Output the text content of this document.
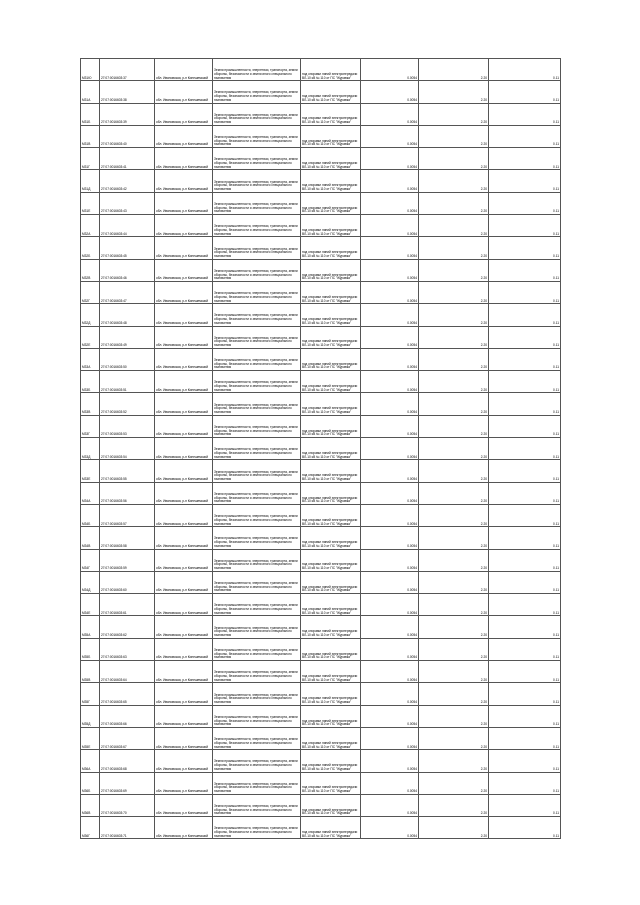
М31Ю	27:07:0016603:37	обл. Ивановская, р-н Кинешемский	Земли промышленности, энергетики, транспорта, земли обороны, безопасности и земли иного специального назначения	под опорами линий электропередачи ВЛ-10 кВ № 110 от ПС "Журавка"	0.0054	2.20	0.11
М31А	27:07:0016603:38	обл. Ивановская, р-н Кинешемский	Земли промышленности, энергетики, транспорта, земли обороны, безопасности и земли иного специального назначения	под опорами линий электропередачи ВЛ-10 кВ № 110 от ПС "Журавка"	0.0054	2.20	0.11
М31Б	27:07:0016603:39	обл. Ивановская, р-н Кинешемский	Земли промышленности, энергетики, транспорта, земли обороны, безопасности и земли иного специального назначения	под опорами линий электропередачи ВЛ-10 кВ № 110 от ПС "Журавка"	0.0054	2.20	0.11
М31В	27:07:0016603:40	обл. Ивановская, р-н Кинешемский	Земли промышленности, энергетики, транспорта, земли обороны, безопасности и земли иного специального назначения	под опорами линий электропередачи ВЛ-10 кВ № 110 от ПС "Журавка"	0.0054	2.20	0.11
М31Г	27:07:0016603:41	обл. Ивановская, р-н Кинешемский	Земли промышленности, энергетики, транспорта, земли обороны, безопасности и земли иного специального назначения	под опорами линий электропередачи ВЛ-10 кВ № 110 от ПС "Журавка"	0.0054	2.20	0.11
М31Д	27:07:0016603:42	обл. Ивановская, р-н Кинешемский	Земли промышленности, энергетики, транспорта, земли обороны, безопасности и земли иного специального назначения	под опорами линий электропередачи ВЛ-10 кВ № 110 от ПС "Журавка"	0.0054	2.20	0.11
М31Е	27:07:0016603:43	обл. Ивановская, р-н Кинешемский	Земли промышленности, энергетики, транспорта, земли обороны, безопасности и земли иного специального назначения	под опорами линий электропередачи ВЛ-10 кВ № 110 от ПС "Журавка"	0.0054	2.20	0.11
М32А	27:07:0016603:44	обл. Ивановская, р-н Кинешемский	Земли промышленности, энергетики, транспорта, земли обороны, безопасности и земли иного специального назначения	под опорами линий электропередачи ВЛ-10 кВ № 110 от ПС "Журавка"	0.0054	2.20	0.11
М32Б	27:07:0016603:45	обл. Ивановская, р-н Кинешемский	Земли промышленности, энергетики, транспорта, земли обороны, безопасности и земли иного специального назначения	под опорами линий электропередачи ВЛ-10 кВ № 110 от ПС "Журавка"	0.0054	2.20	0.11
М32В	27:07:0016603:46	обл. Ивановская, р-н Кинешемский	Земли промышленности, энергетики, транспорта, земли обороны, безопасности и земли иного специального назначения	под опорами линий электропередачи ВЛ-10 кВ № 110 от ПС "Журавка"	0.0054	2.20	0.11
М32Г	27:07:0016603:47	обл. Ивановская, р-н Кинешемский	Земли промышленности, энергетики, транспорта, земли обороны, безопасности и земли иного специального назначения	под опорами линий электропередачи ВЛ-10 кВ № 110 от ПС "Журавка"	0.0054	2.20	0.11
М32Д	27:07:0016603:48	обл. Ивановская, р-н Кинешемский	Земли промышленности, энергетики, транспорта, земли обороны, безопасности и земли иного специального назначения	под опорами линий электропередачи ВЛ-10 кВ № 110 от ПС "Журавка"	0.0054	2.20	0.11
М32Е	27:07:0016603:49	обл. Ивановская, р-н Кинешемский	Земли промышленности, энергетики, транспорта, земли обороны, безопасности и земли иного специального назначения	под опорами линий электропередачи ВЛ-10 кВ № 110 от ПС "Журавка"	0.0054	2.20	0.11
М33А	27:07:0016603:50	обл. Ивановская, р-н Кинешемский	Земли промышленности, энергетики, транспорта, земли обороны, безопасности и земли иного специального назначения	под опорами линий электропередачи ВЛ-10 кВ № 110 от ПС "Журавка"	0.0054	2.20	0.11
М33Б	27:07:0016603:51	обл. Ивановская, р-н Кинешемский	Земли промышленности, энергетики, транспорта, земли обороны, безопасности и земли иного специального назначения	под опорами линий электропередачи ВЛ-10 кВ № 110 от ПС "Журавка"	0.0054	2.20	0.11
М33В	27:07:0016603:52	обл. Ивановская, р-н Кинешемский	Земли промышленности, энергетики, транспорта, земли обороны, безопасности и земли иного специального назначения	под опорами линий электропередачи ВЛ-10 кВ № 110 от ПС "Журавка"	0.0054	2.20	0.11
М33Г	27:07:0016603:53	обл. Ивановская, р-н Кинешемский	Земли промышленности, энергетики, транспорта, земли обороны, безопасности и земли иного специального назначения	под опорами линий электропередачи ВЛ-10 кВ № 110 от ПС "Журавка"	0.0054	2.20	0.11
М33Д	27:07:0016603:54	обл. Ивановская, р-н Кинешемский	Земли промышленности, энергетики, транспорта, земли обороны, безопасности и земли иного специального назначения	под опорами линий электропередачи ВЛ-10 кВ № 110 от ПС "Журавка"	0.0054	2.20	0.11
М33Е	27:07:0016603:55	обл. Ивановская, р-н Кинешемский	Земли промышленности, энергетики, транспорта, земли обороны, безопасности и земли иного специального назначения	под опорами линий электропередачи ВЛ-10 кВ № 110 от ПС "Журавка"	0.0054	2.20	0.11
М34А	27:07:0016603:56	обл. Ивановская, р-н Кинешемский	Земли промышленности, энергетики, транспорта, земли обороны, безопасности и земли иного специального назначения	под опорами линий электропередачи ВЛ-10 кВ № 110 от ПС "Журавка"	0.0054	2.20	0.11
М34Б	27:07:0016603:57	обл. Ивановская, р-н Кинешемский	Земли промышленности, энергетики, транспорта, земли обороны, безопасности и земли иного специального назначения	под опорами линий электропередачи ВЛ-10 кВ № 110 от ПС "Журавка"	0.0054	2.20	0.11
М34В	27:07:0016603:58	обл. Ивановская, р-н Кинешемский	Земли промышленности, энергетики, транспорта, земли обороны, безопасности и земли иного специального назначения	под опорами линий электропередачи ВЛ-10 кВ № 110 от ПС "Журавка"	0.0054	2.20	0.11
М34Г	27:07:0016603:59	обл. Ивановская, р-н Кинешемский	Земли промышленности, энергетики, транспорта, земли обороны, безопасности и земли иного специального назначения	под опорами линий электропередачи ВЛ-10 кВ № 110 от ПС "Журавка"	0.0054	2.20	0.11
М34Д	27:07:0016603:60	обл. Ивановская, р-н Кинешемский	Земли промышленности, энергетики, транспорта, земли обороны, безопасности и земли иного специального назначения	под опорами линий электропередачи ВЛ-10 кВ № 110 от ПС "Журавка"	0.0054	2.20	0.11
М34Е	27:07:0016603:61	обл. Ивановская, р-н Кинешемский	Земли промышленности, энергетики, транспорта, земли обороны, безопасности и земли иного специального назначения	под опорами линий электропередачи ВЛ-10 кВ № 110 от ПС "Журавка"	0.0054	2.20	0.11
М35А	27:07:0016603:62	обл. Ивановская, р-н Кинешемский	Земли промышленности, энергетики, транспорта, земли обороны, безопасности и земли иного специального назначения	под опорами линий электропередачи ВЛ-10 кВ № 110 от ПС "Журавка"	0.0054	2.20	0.11
М35Б	27:07:0016603:63	обл. Ивановская, р-н Кинешемский	Земли промышленности, энергетики, транспорта, земли обороны, безопасности и земли иного специального назначения	под опорами линий электропередачи ВЛ-10 кВ № 110 от ПС "Журавка"	0.0054	2.20	0.11
М35В	27:07:0016603:64	обл. Ивановская, р-н Кинешемский	Земли промышленности, энергетики, транспорта, земли обороны, безопасности и земли иного специального назначения	под опорами линий электропередачи ВЛ-10 кВ № 110 от ПС "Журавка"	0.0054	2.20	0.11
М35Г	27:07:0016603:65	обл. Ивановская, р-н Кинешемский	Земли промышленности, энергетики, транспорта, земли обороны, безопасности и земли иного специального назначения	под опорами линий электропередачи ВЛ-10 кВ № 110 от ПС "Журавка"	0.0054	2.20	0.11
М35Д	27:07:0016603:66	обл. Ивановская, р-н Кинешемский	Земли промышленности, энергетики, транспорта, земли обороны, безопасности и земли иного специального назначения	под опорами линий электропередачи ВЛ-10 кВ № 110 от ПС "Журавка"	0.0054	2.20	0.11
М35Е	27:07:0016603:67	обл. Ивановская, р-н Кинешемский	Земли промышленности, энергетики, транспорта, земли обороны, безопасности и земли иного специального назначения	под опорами линий электропередачи ВЛ-10 кВ № 110 от ПС "Журавка"	0.0054	2.20	0.11
М36А	27:07:0016603:68	обл. Ивановская, р-н Кинешемский	Земли промышленности, энергетики, транспорта, земли обороны, безопасности и земли иного специального назначения	под опорами линий электропередачи ВЛ-10 кВ № 110 от ПС "Журавка"	0.0054	2.20	0.11
М36Б	27:07:0016603:69	обл. Ивановская, р-н Кинешемский	Земли промышленности, энергетики, транспорта, земли обороны, безопасности и земли иного специального назначения	под опорами линий электропередачи ВЛ-10 кВ № 110 от ПС "Журавка"	0.0054	2.20	0.11
М36В	27:07:0016603:70	обл. Ивановская, р-н Кинешемский	Земли промышленности, энергетики, транспорта, земли обороны, безопасности и земли иного специального назначения	под опорами линий электропередачи ВЛ-10 кВ № 110 от ПС "Журавка"	0.0054	2.20	0.11
М36Г	27:07:0016603:71	обл. Ивановская, р-н Кинешемский	Земли промышленности, энергетики, транспорта, земли обороны, безопасности и земли иного специального назначения	под опорами линий электропередачи ВЛ-10 кВ № 110 от ПС "Журавка"	0.0054	2.20	0.11
